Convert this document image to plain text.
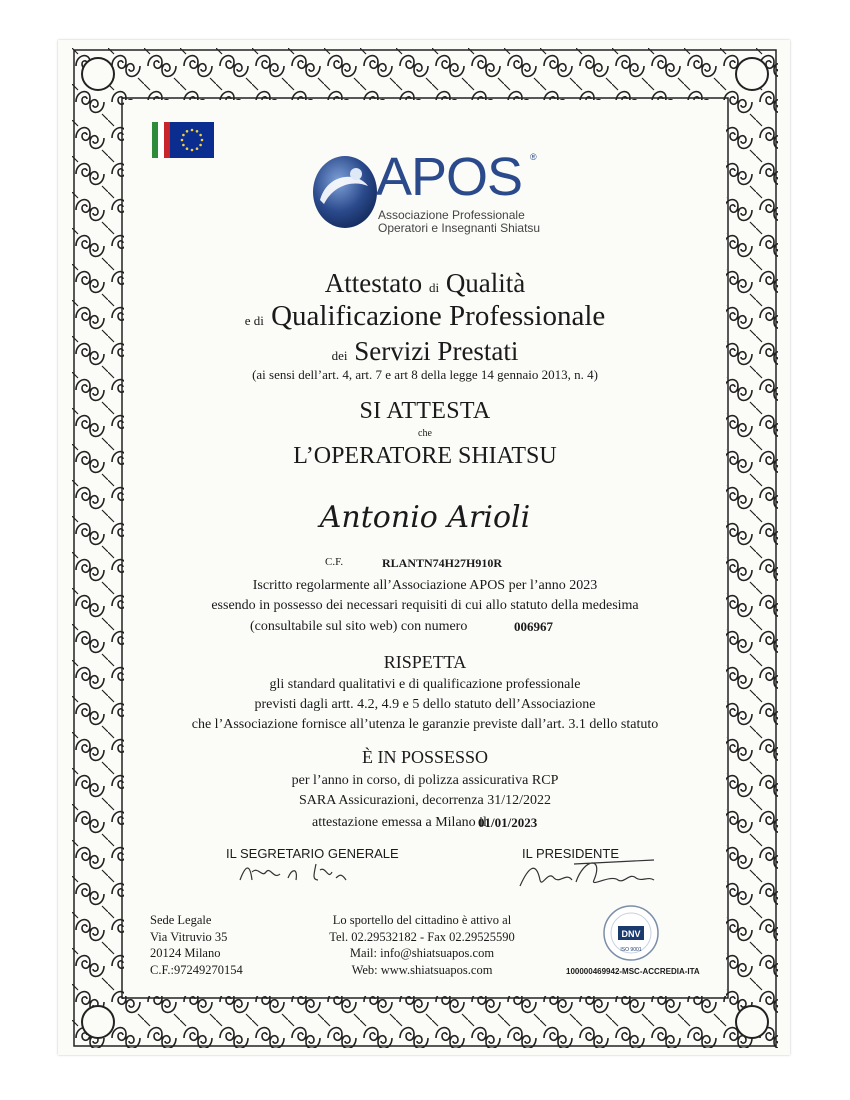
APOS ®
Associazione Professionale
Operatori e Insegnanti Shiatsu
Attestato di Qualità
e di Qualificazione Professionale
dei Servizi Prestati
(ai sensi dell’art. 4, art. 7 e art 8 della legge 14 gennaio 2013, n. 4)
SI ATTESTA
che
L’OPERATORE SHIATSU
Antonio Arioli
C.F.	RLANTN74H27H910R
Iscritto regolarmente all’Associazione APOS per l’anno 2023
essendo in possesso dei necessari requisiti di cui allo statuto della medesima
(consultabile sul sito web) con numero	006967
RISPETTA
gli standard qualitativi e di qualificazione professionale
previsti dagli artt. 4.2, 4.9 e 5 dello statuto dell’Associazione
che l’Associazione fornisce all’utenza le garanzie previste dall’art. 3.1 dello statuto
È IN POSSESSO
per l’anno in corso, di polizza assicurativa RCP
SARA Assicurazioni, decorrenza 31/12/2022
attestazione emessa a Milano il
01/01/2023
IL SEGRETARIO GENERALE	IL PRESIDENTE
Sede Legale
Via Vitruvio 35
20124 Milano
C.F.:97249270154
Lo sportello del cittadino è attivo al
Tel. 02.29532182 - Fax 02.29525590
Mail: info@shiatsuapos.com
Web: www.shiatsuapos.com
DNV
ISO 9001
100000469942-MSC-ACCREDIA-ITA
